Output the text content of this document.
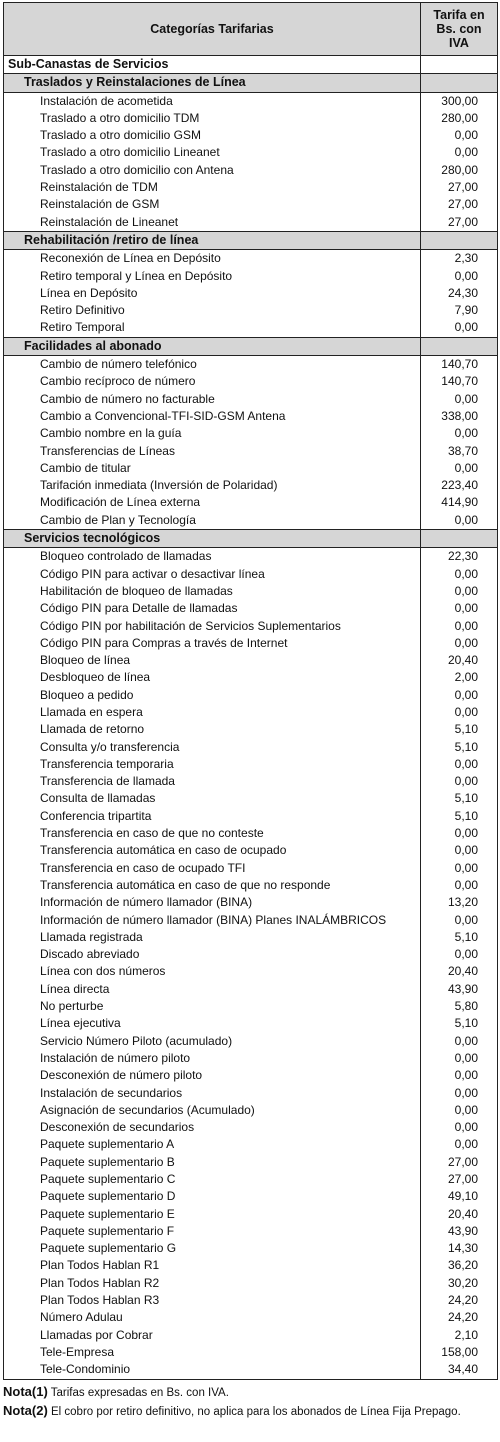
Categorías Tarifarias	Tarifa en Bs. con IVA
Sub-Canastas de Servicios	
Traslados y Reinstalaciones de Línea	
Instalación de acometida	300,00
Traslado a otro domicilio TDM	280,00
Traslado a otro domicilio GSM	0,00
Traslado a otro domicilio Lineanet	0,00
Traslado a otro domicilio con Antena	280,00
Reinstalación de TDM	27,00
Reinstalación de GSM	27,00
Reinstalación de Lineanet	27,00
Rehabilitación /retiro de línea	
Reconexión de Línea en Depósito	2,30
Retiro temporal y Línea en Depósito	0,00
Línea en Depósito	24,30
Retiro Definitivo	7,90
Retiro Temporal	0,00
Facilidades al abonado	
Cambio de número telefónico	140,70
Cambio recíproco de número	140,70
Cambio de número no facturable	0,00
Cambio a Convencional-TFI-SID-GSM Antena	338,00
Cambio nombre en la guía	0,00
Transferencias de Líneas	38,70
Cambio de titular	0,00
Tarifación inmediata (Inversión de Polaridad)	223,40
Modificación de Línea externa	414,90
Cambio de Plan y Tecnología	0,00
Servicios tecnológicos	
Bloqueo controlado de llamadas	22,30
Código PIN para activar o desactivar línea	0,00
Habilitación de bloqueo de llamadas	0,00
Código PIN para Detalle de llamadas	0,00
Código PIN por habilitación de Servicios Suplementarios	0,00
Código PIN para Compras a través de Internet	0,00
Bloqueo de línea	20,40
Desbloqueo de línea	2,00
Bloqueo a pedido	0,00
Llamada en espera	0,00
Llamada de retorno	5,10
Consulta y/o transferencia	5,10
Transferencia temporaria	0,00
Transferencia de llamada	0,00
Consulta de llamadas	5,10
Conferencia tripartita	5,10
Transferencia en caso de que no conteste	0,00
Transferencia automática en caso de ocupado	0,00
Transferencia en caso de ocupado TFI	0,00
Transferencia automática en caso de que no responde	0,00
Información de número llamador (BINA)	13,20
Información de número llamador (BINA) Planes INALÁMBRICOS	0,00
Llamada registrada	5,10
Discado abreviado	0,00
Línea con dos números	20,40
Línea directa	43,90
No perturbe	5,80
Línea ejecutiva	5,10
Servicio Número Piloto (acumulado)	0,00
Instalación de número piloto	0,00
Desconexión de número piloto	0,00
Instalación de secundarios	0,00
Asignación de secundarios (Acumulado)	0,00
Desconexión de secundarios	0,00
Paquete suplementario A	0,00
Paquete suplementario B	27,00
Paquete suplementario C	27,00
Paquete suplementario D	49,10
Paquete suplementario E	20,40
Paquete suplementario F	43,90
Paquete suplementario G	14,30
Plan Todos Hablan R1	36,20
Plan Todos Hablan R2	30,20
Plan Todos Hablan R3	24,20
Número Adulau	24,20
Llamadas por Cobrar	2,10
Tele-Empresa	158,00
Tele-Condominio	34,40
Nota(1) Tarifas expresadas en Bs. con IVA.
Nota(2) El cobro por retiro definitivo, no aplica para los abonados de Línea Fija Prepago.
